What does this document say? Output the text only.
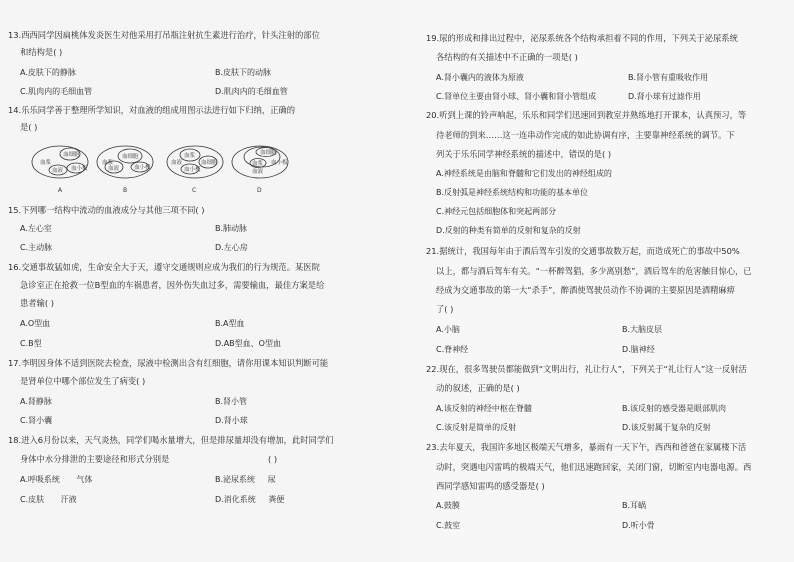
13.西西同学因扁桃体发炎医生对他采用打吊瓶注射抗生素进行治疗，针头注射的部位
和结构是( )
A.皮肤下的静脉	B.皮肤下的动脉
C.肌肉内的毛细血管	D.肌肉内的毛细血管
14.乐乐同学善于整理所学知识，对血液的组成用图示法进行如下归纳，正确的
是( )
血细胞
血浆
血液 血小板
A
血细胞
血浆
血液	血小板
B
血浆
血细胞
血液
血小板
C
血细胞
血浆 血小板
血液
D
15.下列哪一结构中流动的血液成分与其他三项不同( )
A.左心室	B.肺动脉
C.主动脉	D.左心房
16.交通事故猛如虎，生命安全大于天，遵守交通规则应成为我们的行为规范。某医院
急诊室正在抢救一位B型血的车祸患者，因外伤失血过多，需要输血，最佳方案是给
患者输( )
A.O型血	B.A型血
C.B型	D.AB型血、O型血
17.李明因身体不适到医院去检查，尿液中检测出含有红细胞，请你用课本知识判断可能
是肾单位中哪个部位发生了病变( )
A.肾静脉	B.肾小管
C.肾小囊	D.肾小球
18.进入6月份以来，天气炎热，同学们喝水量增大，但是排尿量却没有增加，此时同学们
身体中水分排泄的主要途径和形式分别是	( )
A.呼吸系统 气体	B.泌尿系统 尿
C.皮肤 汗液	D.消化系统 粪便
19.尿的形成和排出过程中，泌尿系统各个结构承担着不同的作用，下列关于泌尿系统
各结构的有关描述中不正确的一项是( )
A.肾小囊内的液体为原液	B.肾小管有重吸收作用
C.肾单位主要由肾小球、肾小囊和肾小管组成	D.肾小球有过滤作用
20.听到上课的铃声响起，乐乐和同学们迅速回到教室并熟练地打开课本，认真预习，等
待老师的到来……这一连串动作完成的如此协调有序，主要靠神经系统的调节。下
列关于乐乐同学神经系统的描述中，错误的是( )
A.神经系统是由脑和脊髓和它们发出的神经组成的
B.反射弧是神经系统结构和功能的基本单位
C.神经元包括细胞体和突起两部分
D.反射的种类有简单的反射和复杂的反射
21.据统计，我国每年由于酒后驾车引发的交通事故数万起，而造成死亡的事故中50%
以上，都与酒后驾车有关。“一杯醉驾猖，多少离别愁”，酒后驾车的危害触目惊心，已
经成为交通事故的第一大“杀手”，醉酒使驾驶员动作不协调的主要原因是酒精麻痹
了( )
A.小脑	B.大脑皮层
C.脊神经	D.脑神经
22.现在，很多驾驶员都能做到“文明出行，礼让行人”，下列关于“礼让行人”这一反射活
动的叙述，正确的是( )
A.该反射的神经中枢在脊髓	B.该反射的感受器是眼部肌肉
C.该反射是简单的反射	D.该反射属于复杂的反射
23.去年夏天，我国许多地区极端天气增多，暴雨有一天下午，西西和爸爸在家属楼下活
动时，突遇电闪雷鸣的极端天气，他们迅速跑回家，关闭门窗，切断室内电器电源。西
西同学感知雷鸣的感受器是( )
A.鼓膜	B.耳蜗
C.鼓室	D.听小骨
